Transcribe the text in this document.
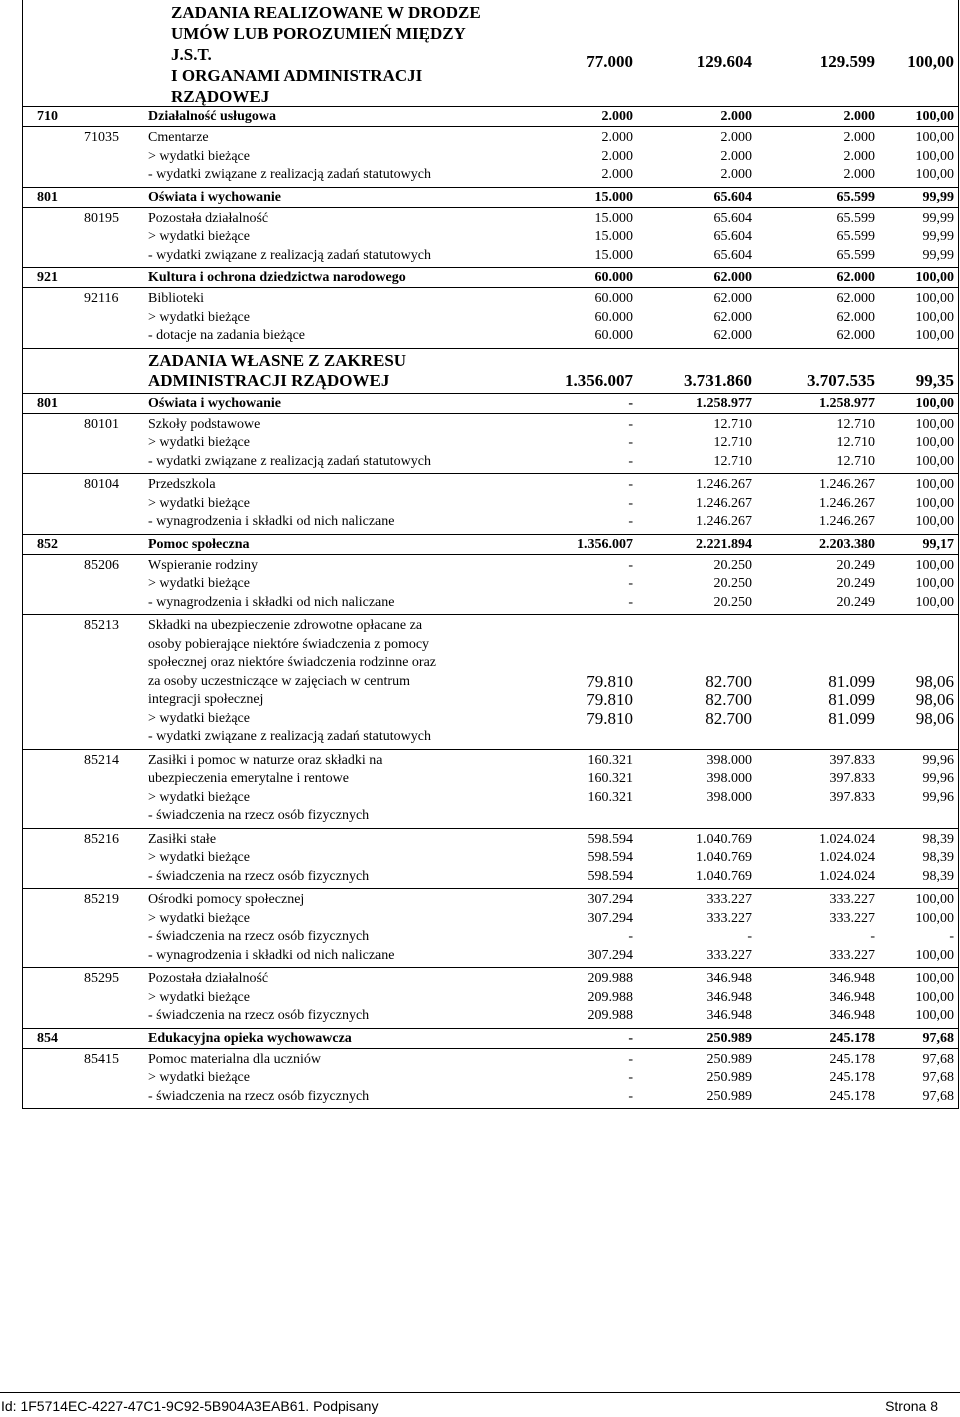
ZADANIA REALIZOWANE W DRODZE
UMÓW LUB POROZUMIEŃ MIĘDZY
J.S.T.
I ORGANAMI ADMINISTRACJI
RZĄDOWEJ
77.000	129.604	129.599	100,00
710	Działalność usługowa	2.000	2.000	2.000	100,00
71035	Cmentarze	2.000	2.000	2.000	100,00
> wydatki bieżące	2.000	2.000	2.000	100,00
- wydatki związane z realizacją zadań statutowych	2.000	2.000	2.000	100,00
801	Oświata i wychowanie	15.000	65.604	65.599	99,99
80195	Pozostała działalność	15.000	65.604	65.599	99,99
> wydatki bieżące	15.000	65.604	65.599	99,99
- wydatki związane z realizacją zadań statutowych	15.000	65.604	65.599	99,99
921	Kultura i ochrona dziedzictwa narodowego	60.000	62.000	62.000	100,00
92116	Biblioteki	60.000	62.000	62.000	100,00
> wydatki bieżące	60.000	62.000	62.000	100,00
- dotacje na zadania bieżące	60.000	62.000	62.000	100,00
ZADANIA WŁASNE Z ZAKRESU
ADMINISTRACJI RZĄDOWEJ	1.356.007	3.731.860	3.707.535	99,35
801	Oświata i wychowanie	-	1.258.977	1.258.977	100,00
80101	Szkoły podstawowe	-	12.710	12.710	100,00
> wydatki bieżące	-	12.710	12.710	100,00
- wydatki związane z realizacją zadań statutowych	-	12.710	12.710	100,00
80104	Przedszkola	-	1.246.267	1.246.267	100,00
> wydatki bieżące	-	1.246.267	1.246.267	100,00
- wynagrodzenia i składki od nich naliczane	-	1.246.267	1.246.267	100,00
852	Pomoc społeczna	1.356.007	2.221.894	2.203.380	99,17
85206	Wspieranie rodziny	-	20.250	20.249	100,00
> wydatki bieżące	-	20.250	20.249	100,00
- wynagrodzenia i składki od nich naliczane	-	20.250	20.249	100,00
85213	Składki na ubezpieczenie zdrowotne opłacane za
osoby pobierające niektóre świadczenia z pomocy
społecznej oraz niektóre świadczenia rodzinne oraz
za osoby uczestniczące w zajęciach w centrum	79.810	82.700	81.099	98,06
integracji społecznej	79.810	82.700	81.099	98,06
> wydatki bieżące	79.810	82.700	81.099	98,06
- wydatki związane z realizacją zadań statutowych
85214	Zasiłki i pomoc w naturze oraz składki na	160.321	398.000	397.833	99,96
ubezpieczenia emerytalne i rentowe	160.321	398.000	397.833	99,96
> wydatki bieżące	160.321	398.000	397.833	99,96
- świadczenia na rzecz osób fizycznych
85216	Zasiłki stałe	598.594	1.040.769	1.024.024	98,39
> wydatki bieżące	598.594	1.040.769	1.024.024	98,39
- świadczenia na rzecz osób fizycznych	598.594	1.040.769	1.024.024	98,39
85219	Ośrodki pomocy społecznej	307.294	333.227	333.227	100,00
> wydatki bieżące	307.294	333.227	333.227	100,00
- świadczenia na rzecz osób fizycznych	-	-	-	-
- wynagrodzenia i składki od nich naliczane	307.294	333.227	333.227	100,00
85295	Pozostała działalność	209.988	346.948	346.948	100,00
> wydatki bieżące	209.988	346.948	346.948	100,00
- świadczenia na rzecz osób fizycznych	209.988	346.948	346.948	100,00
854	Edukacyjna opieka wychowawcza	-	250.989	245.178	97,68
85415	Pomoc materialna dla uczniów	-	250.989	245.178	97,68
> wydatki bieżące	-	250.989	245.178	97,68
- świadczenia na rzecz osób fizycznych	-	250.989	245.178	97,68
Id: 1F5714EC-4227-47C1-9C92-5B904A3EAB61. Podpisany	Strona 8
